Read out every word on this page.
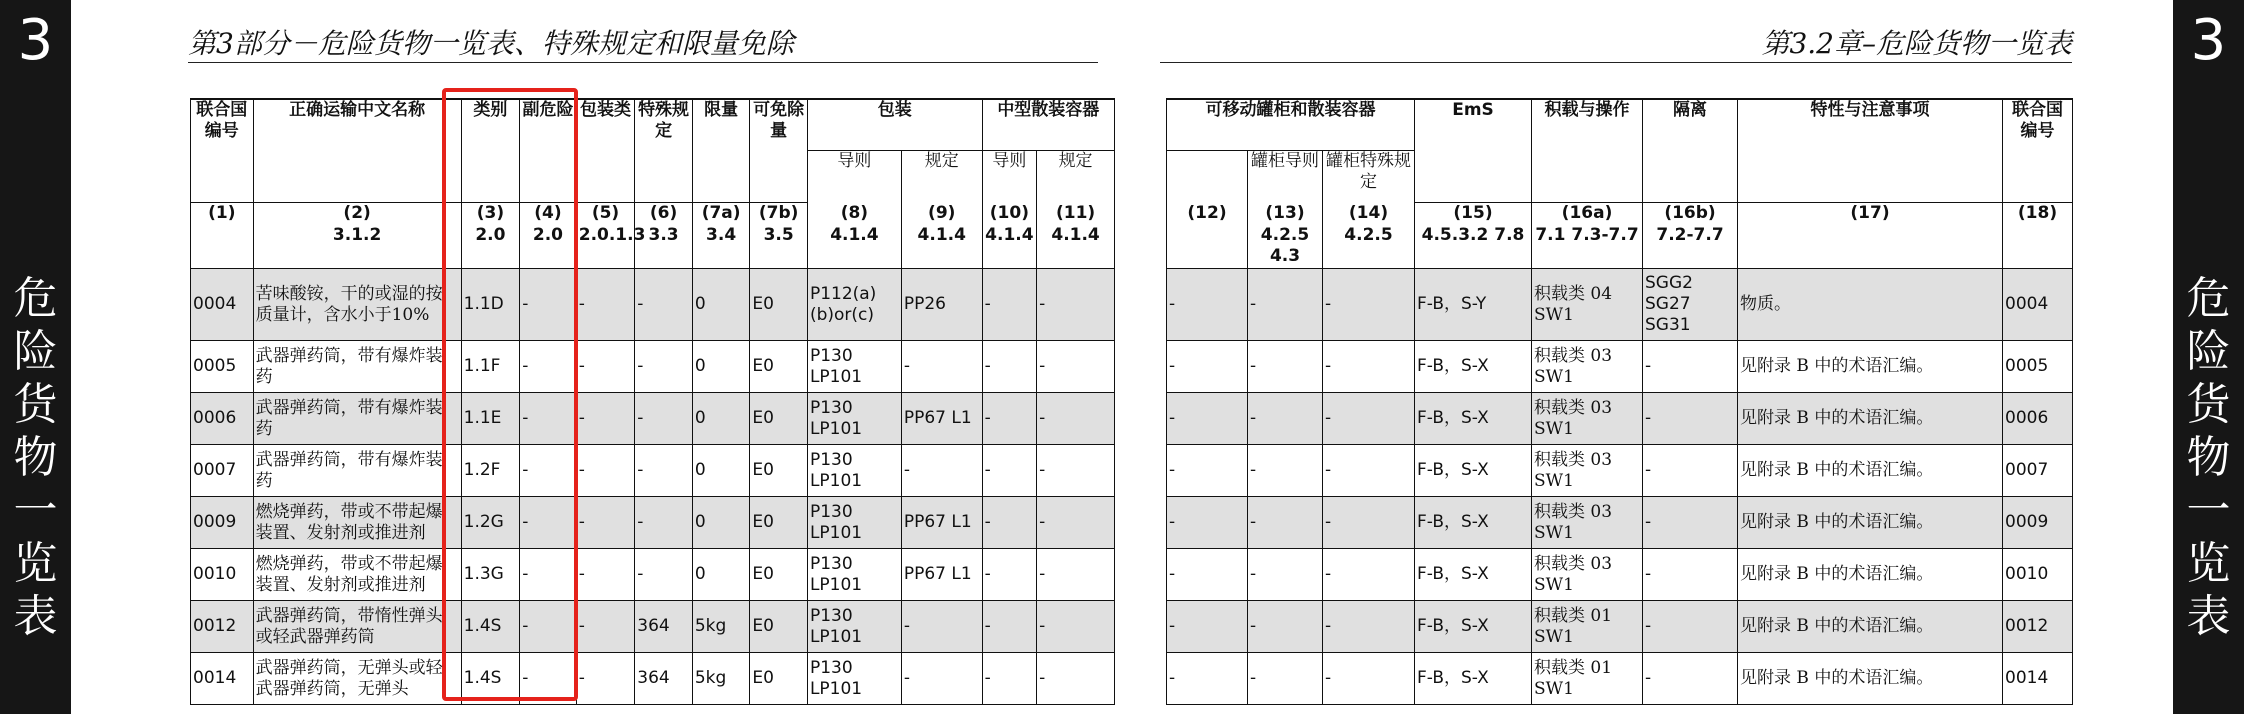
3
危
险
货
物
一
览
表
3
危
险
货
物
一
览
表
第3部分－危险货物一览表、特殊规定和限量免除	第3.2章–危险货物一览表
联合国编号	正确运输中文名称	类别	副危险	包装类	特殊规定	限量	可免除量	包装		中型散装容器	
								导则	规定	导则	规定
(1)	(2)	(3)	(4)	(5)	(6)	(7a)	(7b)	(8)	(9)	(10)	(11)
	3.1.2	2.0	2.0	2.0.1.3	3.3	3.4	3.5	4.1.4	4.1.4	4.1.4	4.1.4
0004	苦味酸铵，干的或湿的按质量计，含水小于10%	1.1D	-	-	-	0	E0	P112(a)(b)or(c)	PP26	-	-
0005	武器弹药筒，带有爆炸装药	1.1F	-	-	-	0	E0	P130 LP101	-	-	-
0006	武器弹药筒，带有爆炸装药	1.1E	-	-	-	0	E0	P130 LP101	PP67 L1	-	-
0007	武器弹药筒，带有爆炸装药	1.2F	-	-	-	0	E0	P130 LP101	-	-	-
0009	燃烧弹药，带或不带起爆装置、发射剂或推进剂	1.2G	-	-	-	0	E0	P130 LP101	PP67 L1	-	-
0010	燃烧弹药，带或不带起爆装置、发射剂或推进剂	1.3G	-	-	-	0	E0	P130 LP101	PP67 L1	-	-
0012	武器弹药筒，带惰性弹头或轻武器弹药筒	1.4S	-	-	364	5kg	E0	P130 LP101	-	-	-
0014	武器弹药筒，无弹头或轻武器弹药筒，无弹头	1.4S	-	-	364	5kg	E0	P130 LP101	-	-	-
可移动罐柜和散装容器			EmS	积载与操作	隔离	特性与注意事项	联合国编号
	罐柜导则	罐柜特殊规定					
(12)	(13)	(14)	(15)	(16a)	(16b)	(17)	(18)
	4.2.5 4.3	4.2.5	4.5.3.2 7.8	7.1 7.3-7.7	7.2-7.7		
-	-	-	F-B，S-Y	积载类 04 SW1	SGG2 SG27 SG31	物质。	0004
-	-	-	F-B，S-X	积载类 03 SW1	-	见附录 B 中的术语汇编。	0005
-	-	-	F-B，S-X	积载类 03 SW1	-	见附录 B 中的术语汇编。	0006
-	-	-	F-B，S-X	积载类 03 SW1	-	见附录 B 中的术语汇编。	0007
-	-	-	F-B，S-X	积载类 03 SW1	-	见附录 B 中的术语汇编。	0009
-	-	-	F-B，S-X	积载类 03 SW1	-	见附录 B 中的术语汇编。	0010
-	-	-	F-B，S-X	积载类 01 SW1	-	见附录 B 中的术语汇编。	0012
-	-	-	F-B，S-X	积载类 01 SW1	-	见附录 B 中的术语汇编。	0014
